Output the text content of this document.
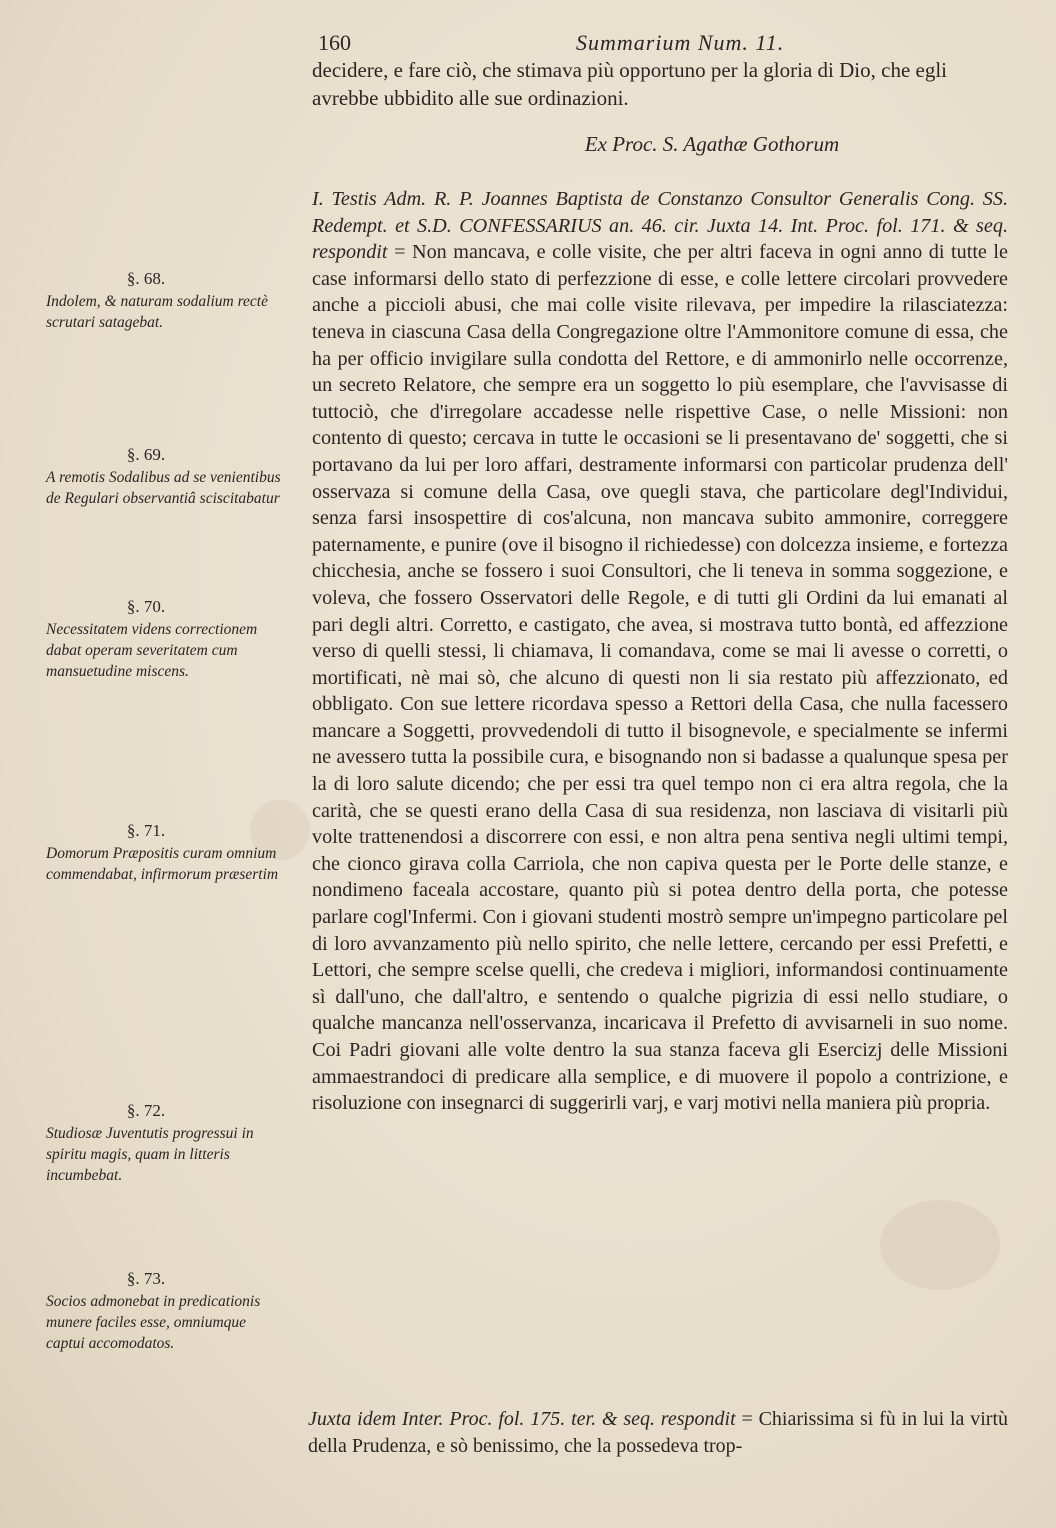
160	Summarium Num. 11.
decidere, e fare ciò, che stimava più opportuno per la gloria di Dio, che egli avrebbe ubbidito alle sue ordinazioni.
Ex Proc. S. Agathæ Gothorum

I. Testis Adm. R. P. Joannes Baptista de Constanzo Consultor Generalis Cong. SS. Redempt. et S.D. CONFESSARIUS an. 46. cir. Juxta 14. Int. Proc. fol. 171. & seq. respondit = Non mancava, e colle visite, che per altri faceva in ogni anno di tutte le case informarsi dello stato di perfezzione di esse, e colle lettere circolari provvedere anche a piccioli abusi, che mai colle visite rilevava, per impedire la rilasciatezza: teneva in ciascuna Casa della Congregazione oltre l'Ammonitore comune di essa, che ha per officio invigilare sulla condotta del Rettore, e di ammonirlo nelle occorrenze, un secreto Relatore, che sempre era un soggetto lo più esemplare, che l'avvisasse di tuttociò, che d'irregolare accadesse nelle rispettive Case, o nelle Missioni: non contento di questo; cercava in tutte le occasioni se li presentavano de' soggetti, che si portavano da lui per loro affari, destramente informarsi con particolar prudenza dell' osservaza si comune della Casa, ove quegli stava, che particolare degl'Individui, senza farsi insospettire di cos'alcuna, non mancava subito ammonire, correggere paternamente, e punire (ove il bisogno il richiedesse) con dolcezza insieme, e fortezza chicchesia, anche se fossero i suoi Consultori, che li teneva in somma soggezione, e voleva, che fossero Osservatori delle Regole, e di tutti gli Ordini da lui emanati al pari degli altri. Corretto, e castigato, che avea, si mostrava tutto bontà, ed affezzione verso di quelli stessi, li chiamava, li comandava, come se mai li avesse o corretti, o mortificati, nè mai sò, che alcuno di questi non li sia restato più affezzionato, ed obbligato. Con sue lettere ricordava spesso a Rettori della Casa, che nulla facessero mancare a Soggetti, provvedendoli di tutto il bisognevole, e specialmente se infermi ne avessero tutta la possibile cura, e bisognando non si badasse a qualunque spesa per la di loro salute dicendo; che per essi tra quel tempo non ci era altra regola, che la carità, che se questi erano della Casa di sua residenza, non lasciava di visitarli più volte trattenendosi a discorrere con essi, e non altra pena sentiva negli ultimi tempi, che cionco girava colla Carriola, che non capiva questa per le Porte delle stanze, e nondimeno faceala accostare, quanto più si potea dentro della porta, che potesse parlare cogl'Infermi. Con i giovani studenti mostrò sempre un'impegno particolare pel di loro avvanzamento più nello spirito, che nelle lettere, cercando per essi Prefetti, e Lettori, che sempre scelse quelli, che credeva i migliori, informandosi continuamente sì dall'uno, che dall'altro, e sentendo o qualche pigrizia di essi nello studiare, o qualche mancanza nell'osservanza, incaricava il Prefetto di avvisarneli in suo nome. Coi Padri giovani alle volte dentro la sua stanza faceva gli Esercizj delle Missioni ammaestrandoci di predicare alla semplice, e di muovere il popolo a contrizione, e risoluzione con insegnarci di suggerirli varj, e varj motivi nella maniera più propria.

Juxta idem Inter. Proc. fol. 175. ter. & seq. respondit = Chiarissima si fù in lui la virtù della Prudenza, e sò benissimo, che la possedeva trop-
§. 68.
Indolem, & naturam sodalium rectè scrutari satagebat.
§. 69.
A remotis Sodalibus ad se venientibus de Regulari observantiâ sciscitabatur
§. 70.
Necessitatem videns correctionem dabat operam severitatem cum mansuetudine miscens.
§. 71.
Domorum Præpositis curam omnium commendabat, infirmorum præsertim
§. 72.
Studiosæ Juventutis progressui in spiritu magis, quam in litteris incumbebat.
§. 73.
Socios admonebat in predicationis munere faciles esse, omniumque captui accomodatos.
